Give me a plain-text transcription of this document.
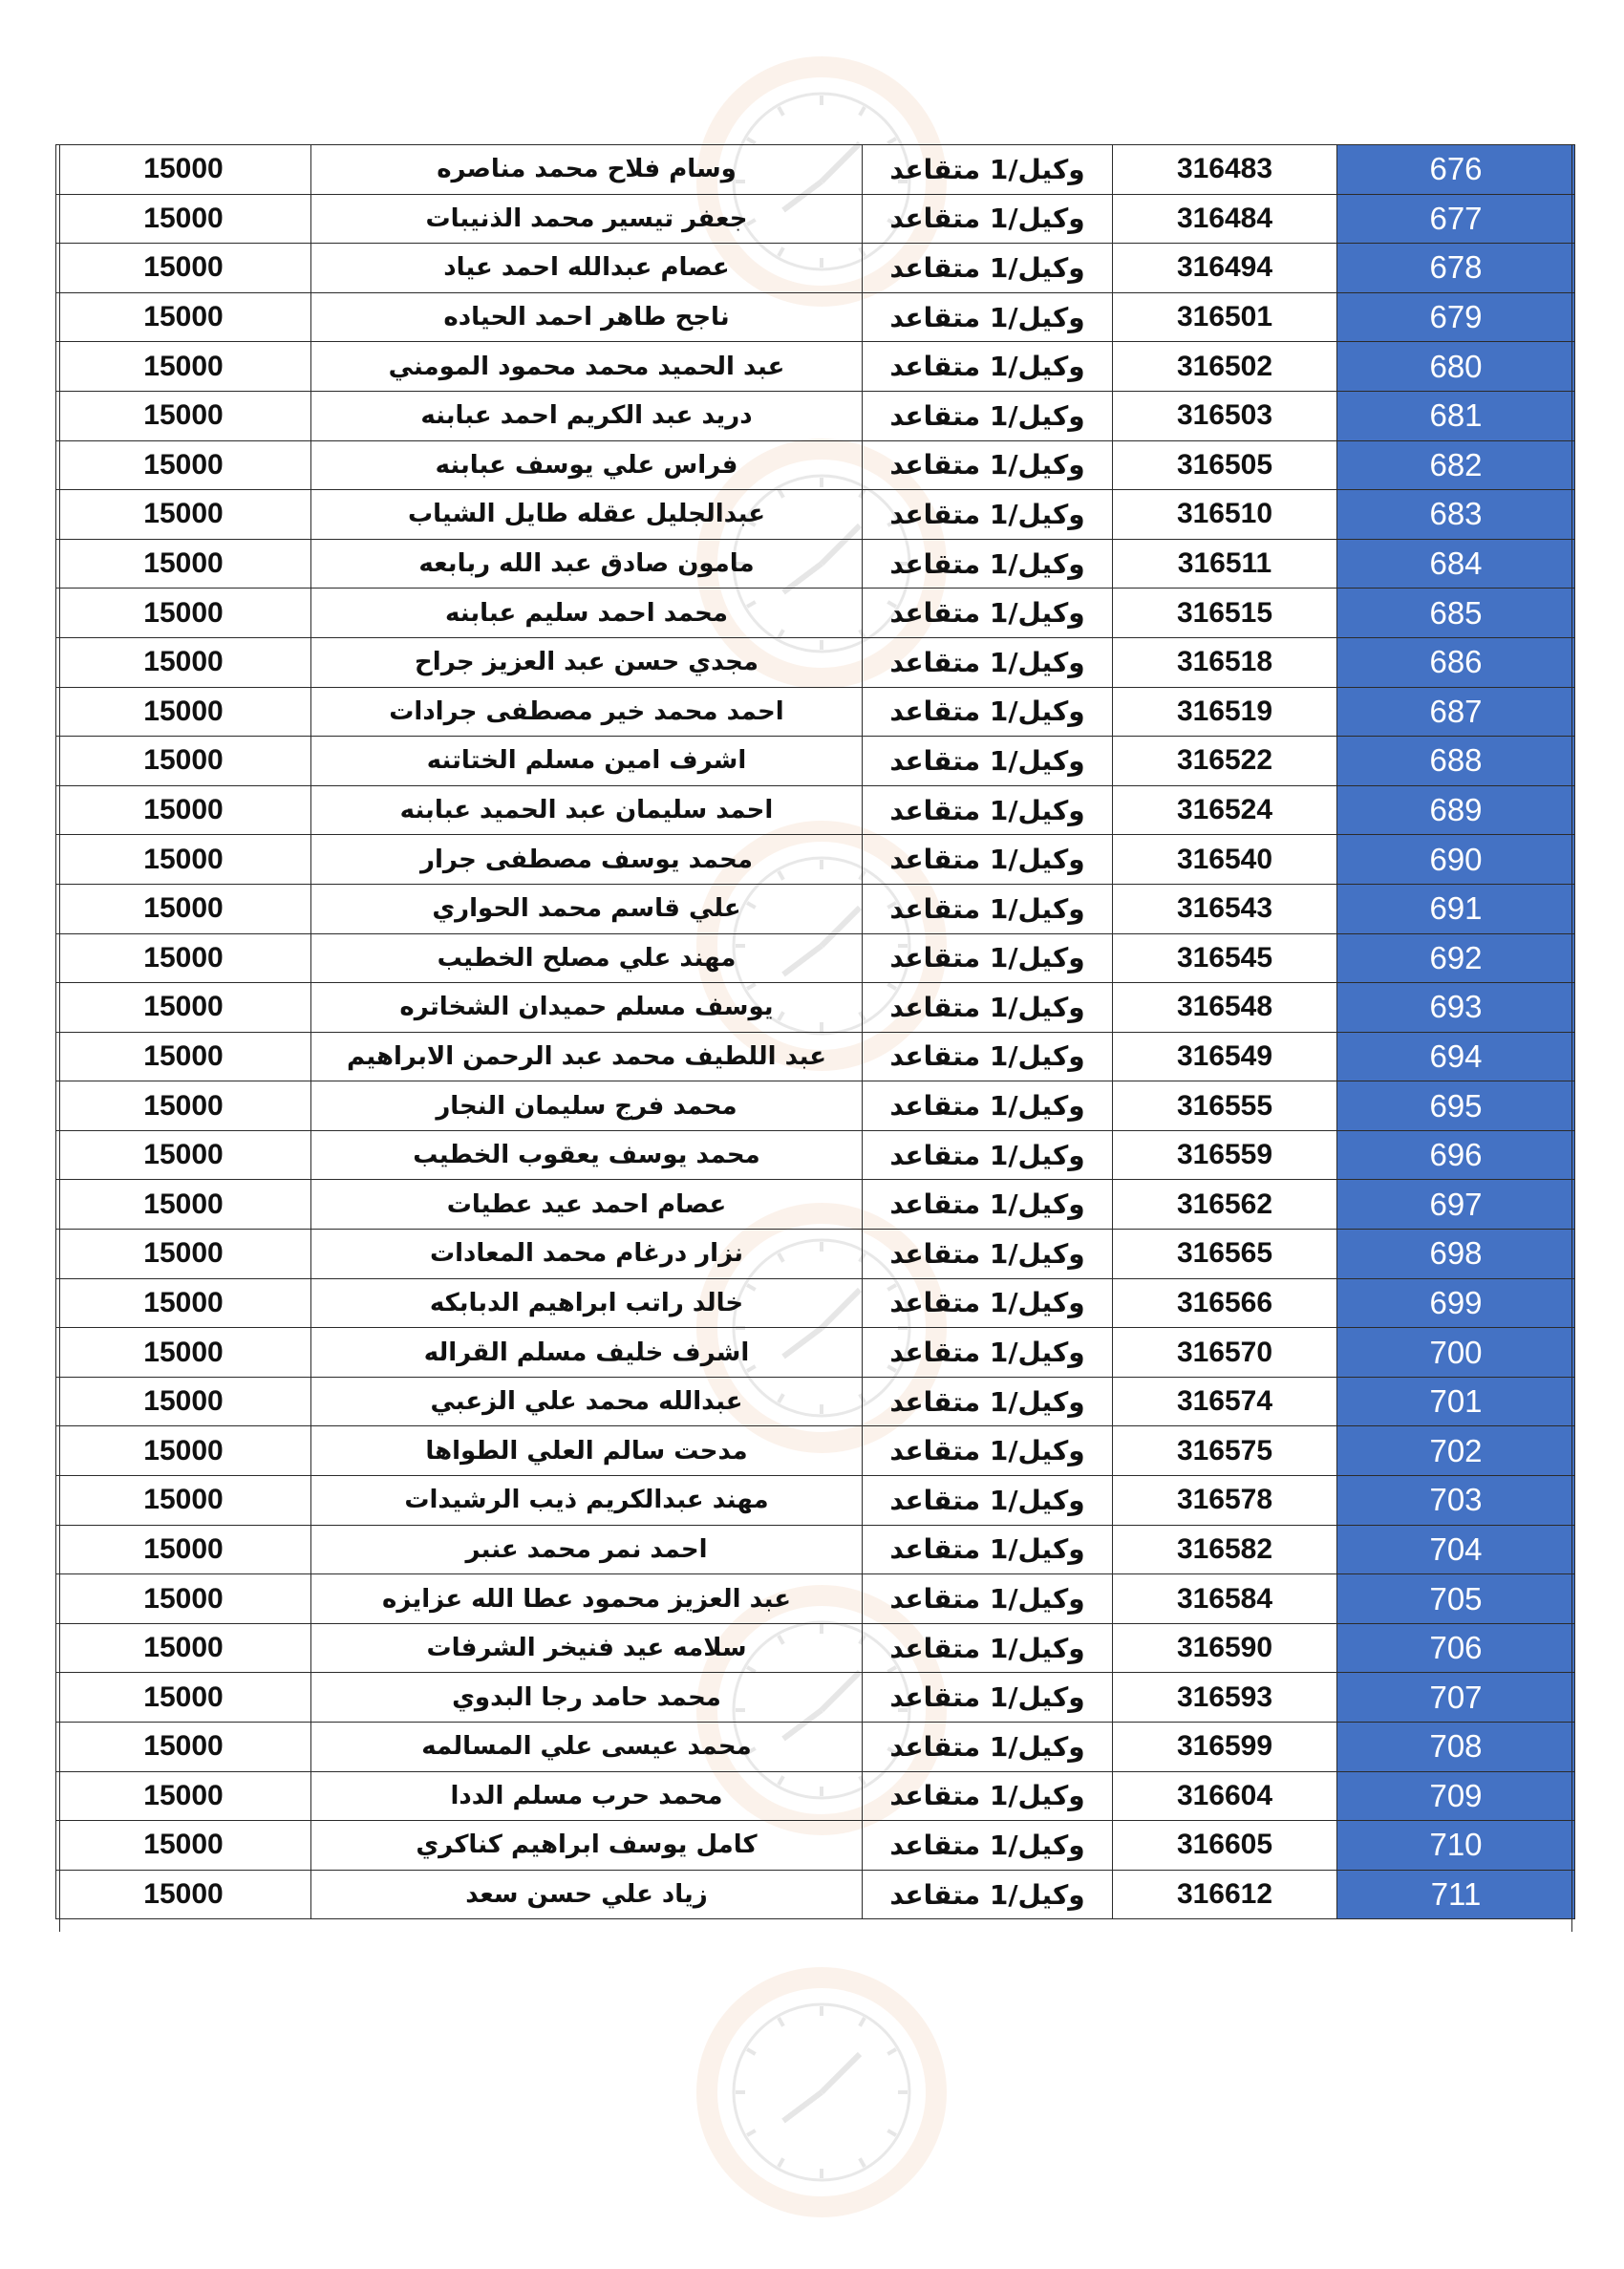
15000	وسام فلاح محمد مناصره	وكيل/1 متقاعد	316483	676
15000	جعفر تيسير محمد الذنيبات	وكيل/1 متقاعد	316484	677
15000	عصام عبدالله احمد عياد	وكيل/1 متقاعد	316494	678
15000	ناجح طاهر احمد الحياده	وكيل/1 متقاعد	316501	679
15000	عبد الحميد محمد محمود المومني	وكيل/1 متقاعد	316502	680
15000	دريد عبد الكريم احمد عبابنه	وكيل/1 متقاعد	316503	681
15000	فراس علي يوسف عبابنه	وكيل/1 متقاعد	316505	682
15000	عبدالجليل عقله طايل الشياب	وكيل/1 متقاعد	316510	683
15000	مامون صادق عبد الله ربابعه	وكيل/1 متقاعد	316511	684
15000	محمد احمد سليم عبابنه	وكيل/1 متقاعد	316515	685
15000	مجدي حسن عبد العزيز جراح	وكيل/1 متقاعد	316518	686
15000	احمد محمد خير مصطفى جرادات	وكيل/1 متقاعد	316519	687
15000	اشرف امين مسلم الختاتنه	وكيل/1 متقاعد	316522	688
15000	احمد سليمان عبد الحميد عبابنه	وكيل/1 متقاعد	316524	689
15000	محمد يوسف مصطفى جرار	وكيل/1 متقاعد	316540	690
15000	علي قاسم محمد الحواري	وكيل/1 متقاعد	316543	691
15000	مهند علي مصلح الخطيب	وكيل/1 متقاعد	316545	692
15000	يوسف مسلم حميدان الشخاتره	وكيل/1 متقاعد	316548	693
15000	عبد اللطيف محمد عبد الرحمن الابراهيم	وكيل/1 متقاعد	316549	694
15000	محمد فرج سليمان النجار	وكيل/1 متقاعد	316555	695
15000	محمد يوسف يعقوب الخطيب	وكيل/1 متقاعد	316559	696
15000	عصام احمد عيد عطيات	وكيل/1 متقاعد	316562	697
15000	نزار درغام محمد المعادات	وكيل/1 متقاعد	316565	698
15000	خالد راتب ابراهيم الدبابكه	وكيل/1 متقاعد	316566	699
15000	اشرف خليف مسلم القراله	وكيل/1 متقاعد	316570	700
15000	عبدالله محمد علي الزعبي	وكيل/1 متقاعد	316574	701
15000	مدحت سالم العلي الطواها	وكيل/1 متقاعد	316575	702
15000	مهند عبدالكريم ذيب الرشيدات	وكيل/1 متقاعد	316578	703
15000	احمد نمر محمد عنبر	وكيل/1 متقاعد	316582	704
15000	عبد العزيز محمود عطا الله عزايزه	وكيل/1 متقاعد	316584	705
15000	سلامه عيد فنيخر الشرفات	وكيل/1 متقاعد	316590	706
15000	محمد حامد رجا البدوي	وكيل/1 متقاعد	316593	707
15000	محمد عيسى علي المسالمه	وكيل/1 متقاعد	316599	708
15000	محمد حرب مسلم الددا	وكيل/1 متقاعد	316604	709
15000	كامل يوسف ابراهيم كناكري	وكيل/1 متقاعد	316605	710
15000	زياد علي حسن سعد	وكيل/1 متقاعد	316612	711
